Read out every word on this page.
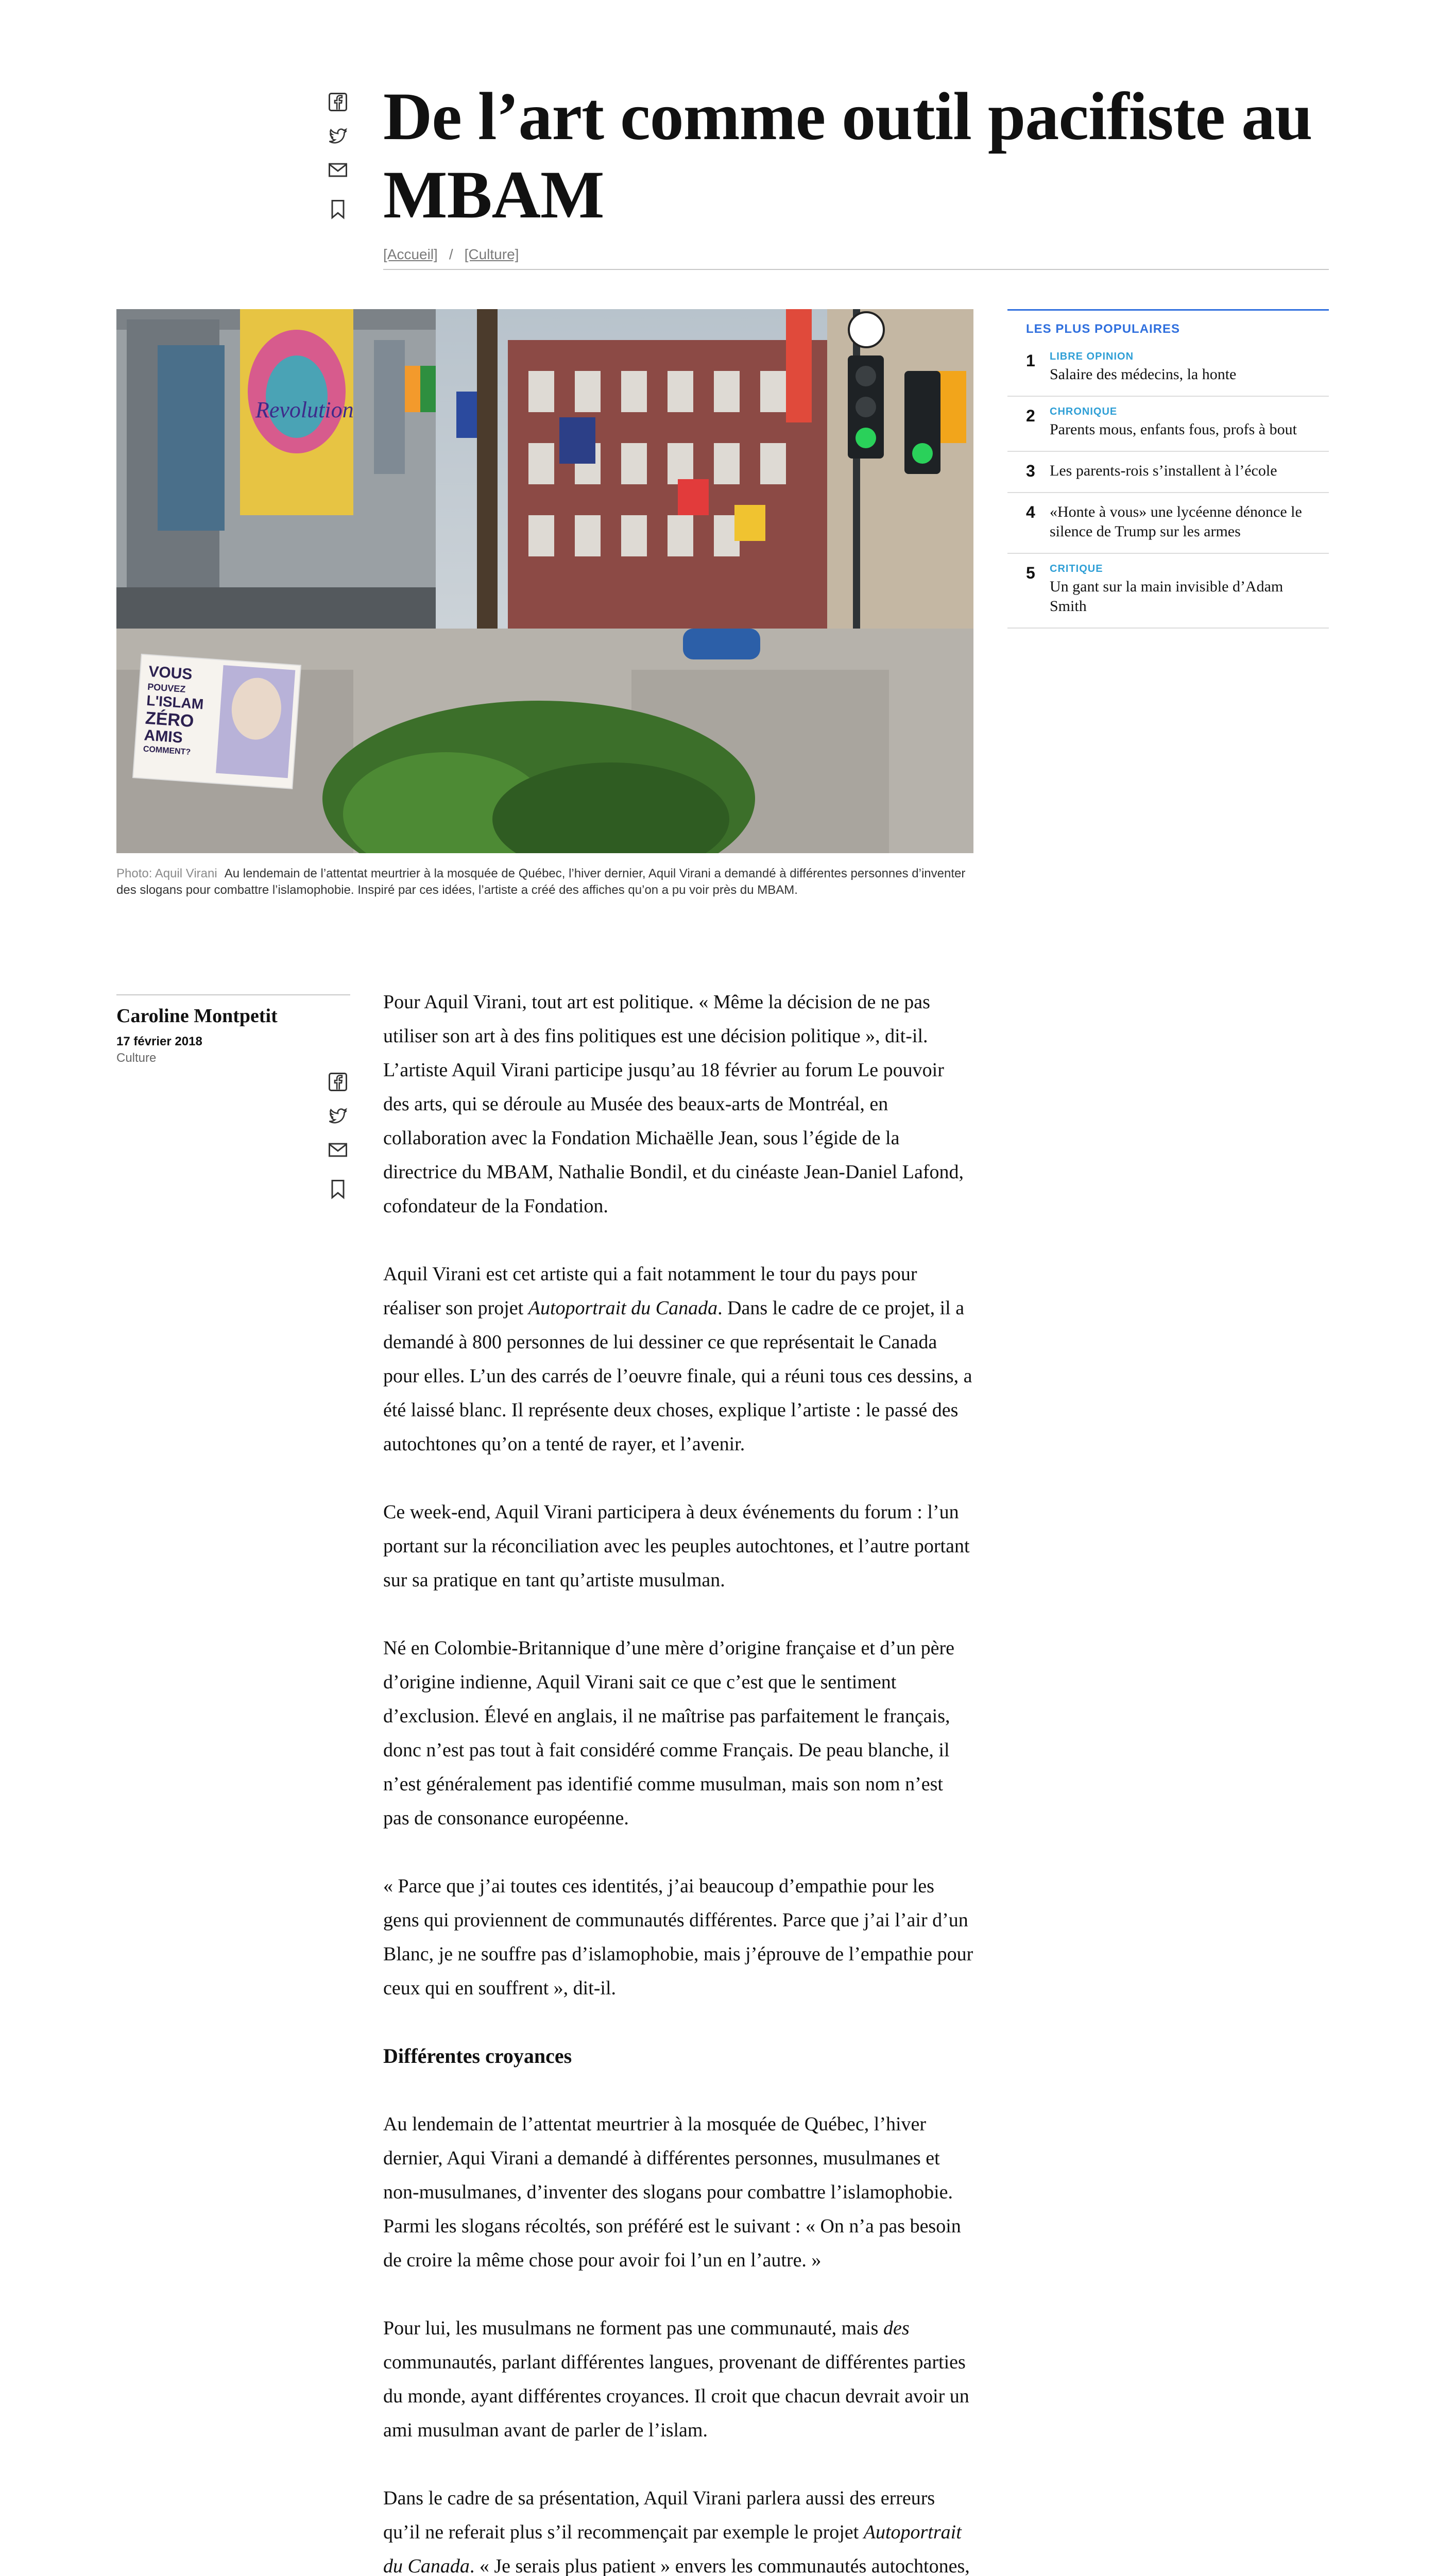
De l’art comme outil pacifiste au MBAM
[Accueil] / [Culture]
Revolution
VOUS
POUVEZ
L'ISLAM
ZÉRO
AMIS
COMMENT?
Photo: Aquil Virani Au lendemain de l’attentat meurtrier à la mosquée de Québec, l’hiver dernier, Aquil Virani a demandé à différentes personnes d’inventer des slogans pour combattre l’islamophobie. Inspiré par ces idées, l’artiste a créé des affiches qu’on a pu voir près du MBAM.
LES PLUS POPULAIRES
1	LIBRE OPINION
Salaire des médecins, la honte
2	CHRONIQUE
Parents mous, enfants fous, profs à bout
3 Les parents-rois s’installent à l’école
4 «Honte à vous» une lycéenne dénonce le silence de Trump sur les armes
5	CRITIQUE
Un gant sur la main invisible d’Adam Smith
Caroline Montpetit
17 février 2018
Culture

Pour Aquil Virani, tout art est politique. « Même la décision de ne pas utiliser son art à des fins politiques est une décision politique », dit-il. L’artiste Aquil Virani participe jusqu’au 18 février au forum Le pouvoir des arts, qui se déroule au Musée des beaux-arts de Montréal, en collaboration avec la Fondation Michaëlle Jean, sous l’égide de la directrice du MBAM, Nathalie Bondil, et du cinéaste Jean-Daniel Lafond, cofondateur de la Fondation.

Aquil Virani est cet artiste qui a fait notamment le tour du pays pour réaliser son projet Autoportrait du Canada. Dans le cadre de ce projet, il a demandé à 800 personnes de lui dessiner ce que représentait le Canada pour elles. L’un des carrés de l’oeuvre finale, qui a réuni tous ces dessins, a été laissé blanc. Il représente deux choses, explique l’artiste : le passé des autochtones qu’on a tenté de rayer, et l’avenir.

Ce week-end, Aquil Virani participera à deux événements du forum : l’un portant sur la réconciliation avec les peuples autochtones, et l’autre portant sur sa pratique en tant qu’artiste musulman.

Né en Colombie-Britannique d’une mère d’origine française et d’un père d’origine indienne, Aquil Virani sait ce que c’est que le sentiment d’exclusion. Élevé en anglais, il ne maîtrise pas parfaitement le français, donc n’est pas tout à fait considéré comme Français. De peau blanche, il n’est généralement pas identifié comme musulman, mais son nom n’est pas de consonance européenne.

« Parce que j’ai toutes ces identités, j’ai beaucoup d’empathie pour les gens qui proviennent de communautés différentes. Parce que j’ai l’air d’un Blanc, je ne souffre pas d’islamophobie, mais j’éprouve de l’empathie pour ceux qui en souffrent », dit-il.

Différentes croyances

Au lendemain de l’attentat meurtrier à la mosquée de Québec, l’hiver dernier, Aqui Virani a demandé à différentes personnes, musulmanes et non-musulmanes, d’inventer des slogans pour combattre l’islamophobie. Parmi les slogans récoltés, son préféré est le suivant : « On n’a pas besoin de croire la même chose pour avoir foi l’un en l’autre. »

Pour lui, les musulmans ne forment pas une communauté, mais des communautés, parlant différentes langues, provenant de différentes parties du monde, ayant différentes croyances. Il croit que chacun devrait avoir un ami musulman avant de parler de l’islam.

Dans le cadre de sa présentation, Aquil Virani parlera aussi des erreurs qu’il ne referait plus s’il recommençait par exemple le projet Autoportrait du Canada. « Je serais plus patient » envers les communautés autochtones,
